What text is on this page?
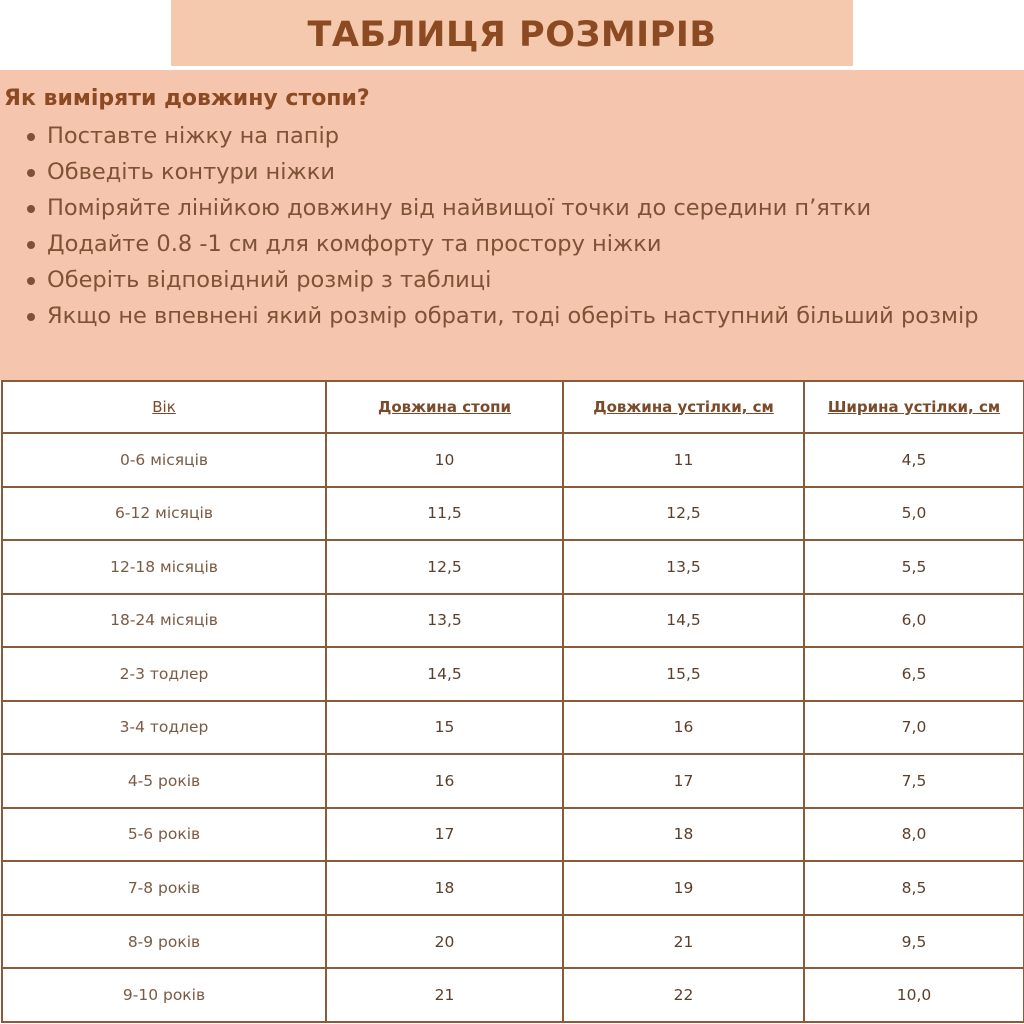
ТАБЛИЦЯ РОЗМІРІВ
Як виміряти довжину стопи?
Поставте ніжку на папір
Обведіть контури ніжки
Поміряйте лінійкою довжину від найвищої точки до середини п’ятки
Додайте 0.8 -1 см для комфорту та простору ніжки
Оберіть відповідний розмір з таблиці
Якщо не впевнені який розмір обрати, тоді оберіть наступний більший розмір
Вік	Довжина стопи	Довжина устілки, см	Ширина устілки, см
0-6 місяців	10	11	4,5
6-12 місяців	11,5	12,5	5,0
12-18 місяців	12,5	13,5	5,5
18-24 місяців	13,5	14,5	6,0
2-3 тодлер	14,5	15,5	6,5
3-4 тодлер	15	16	7,0
4-5 років	16	17	7,5
5-6 років	17	18	8,0
7-8 років	18	19	8,5
8-9 років	20	21	9,5
9-10 років	21	22	10,0
